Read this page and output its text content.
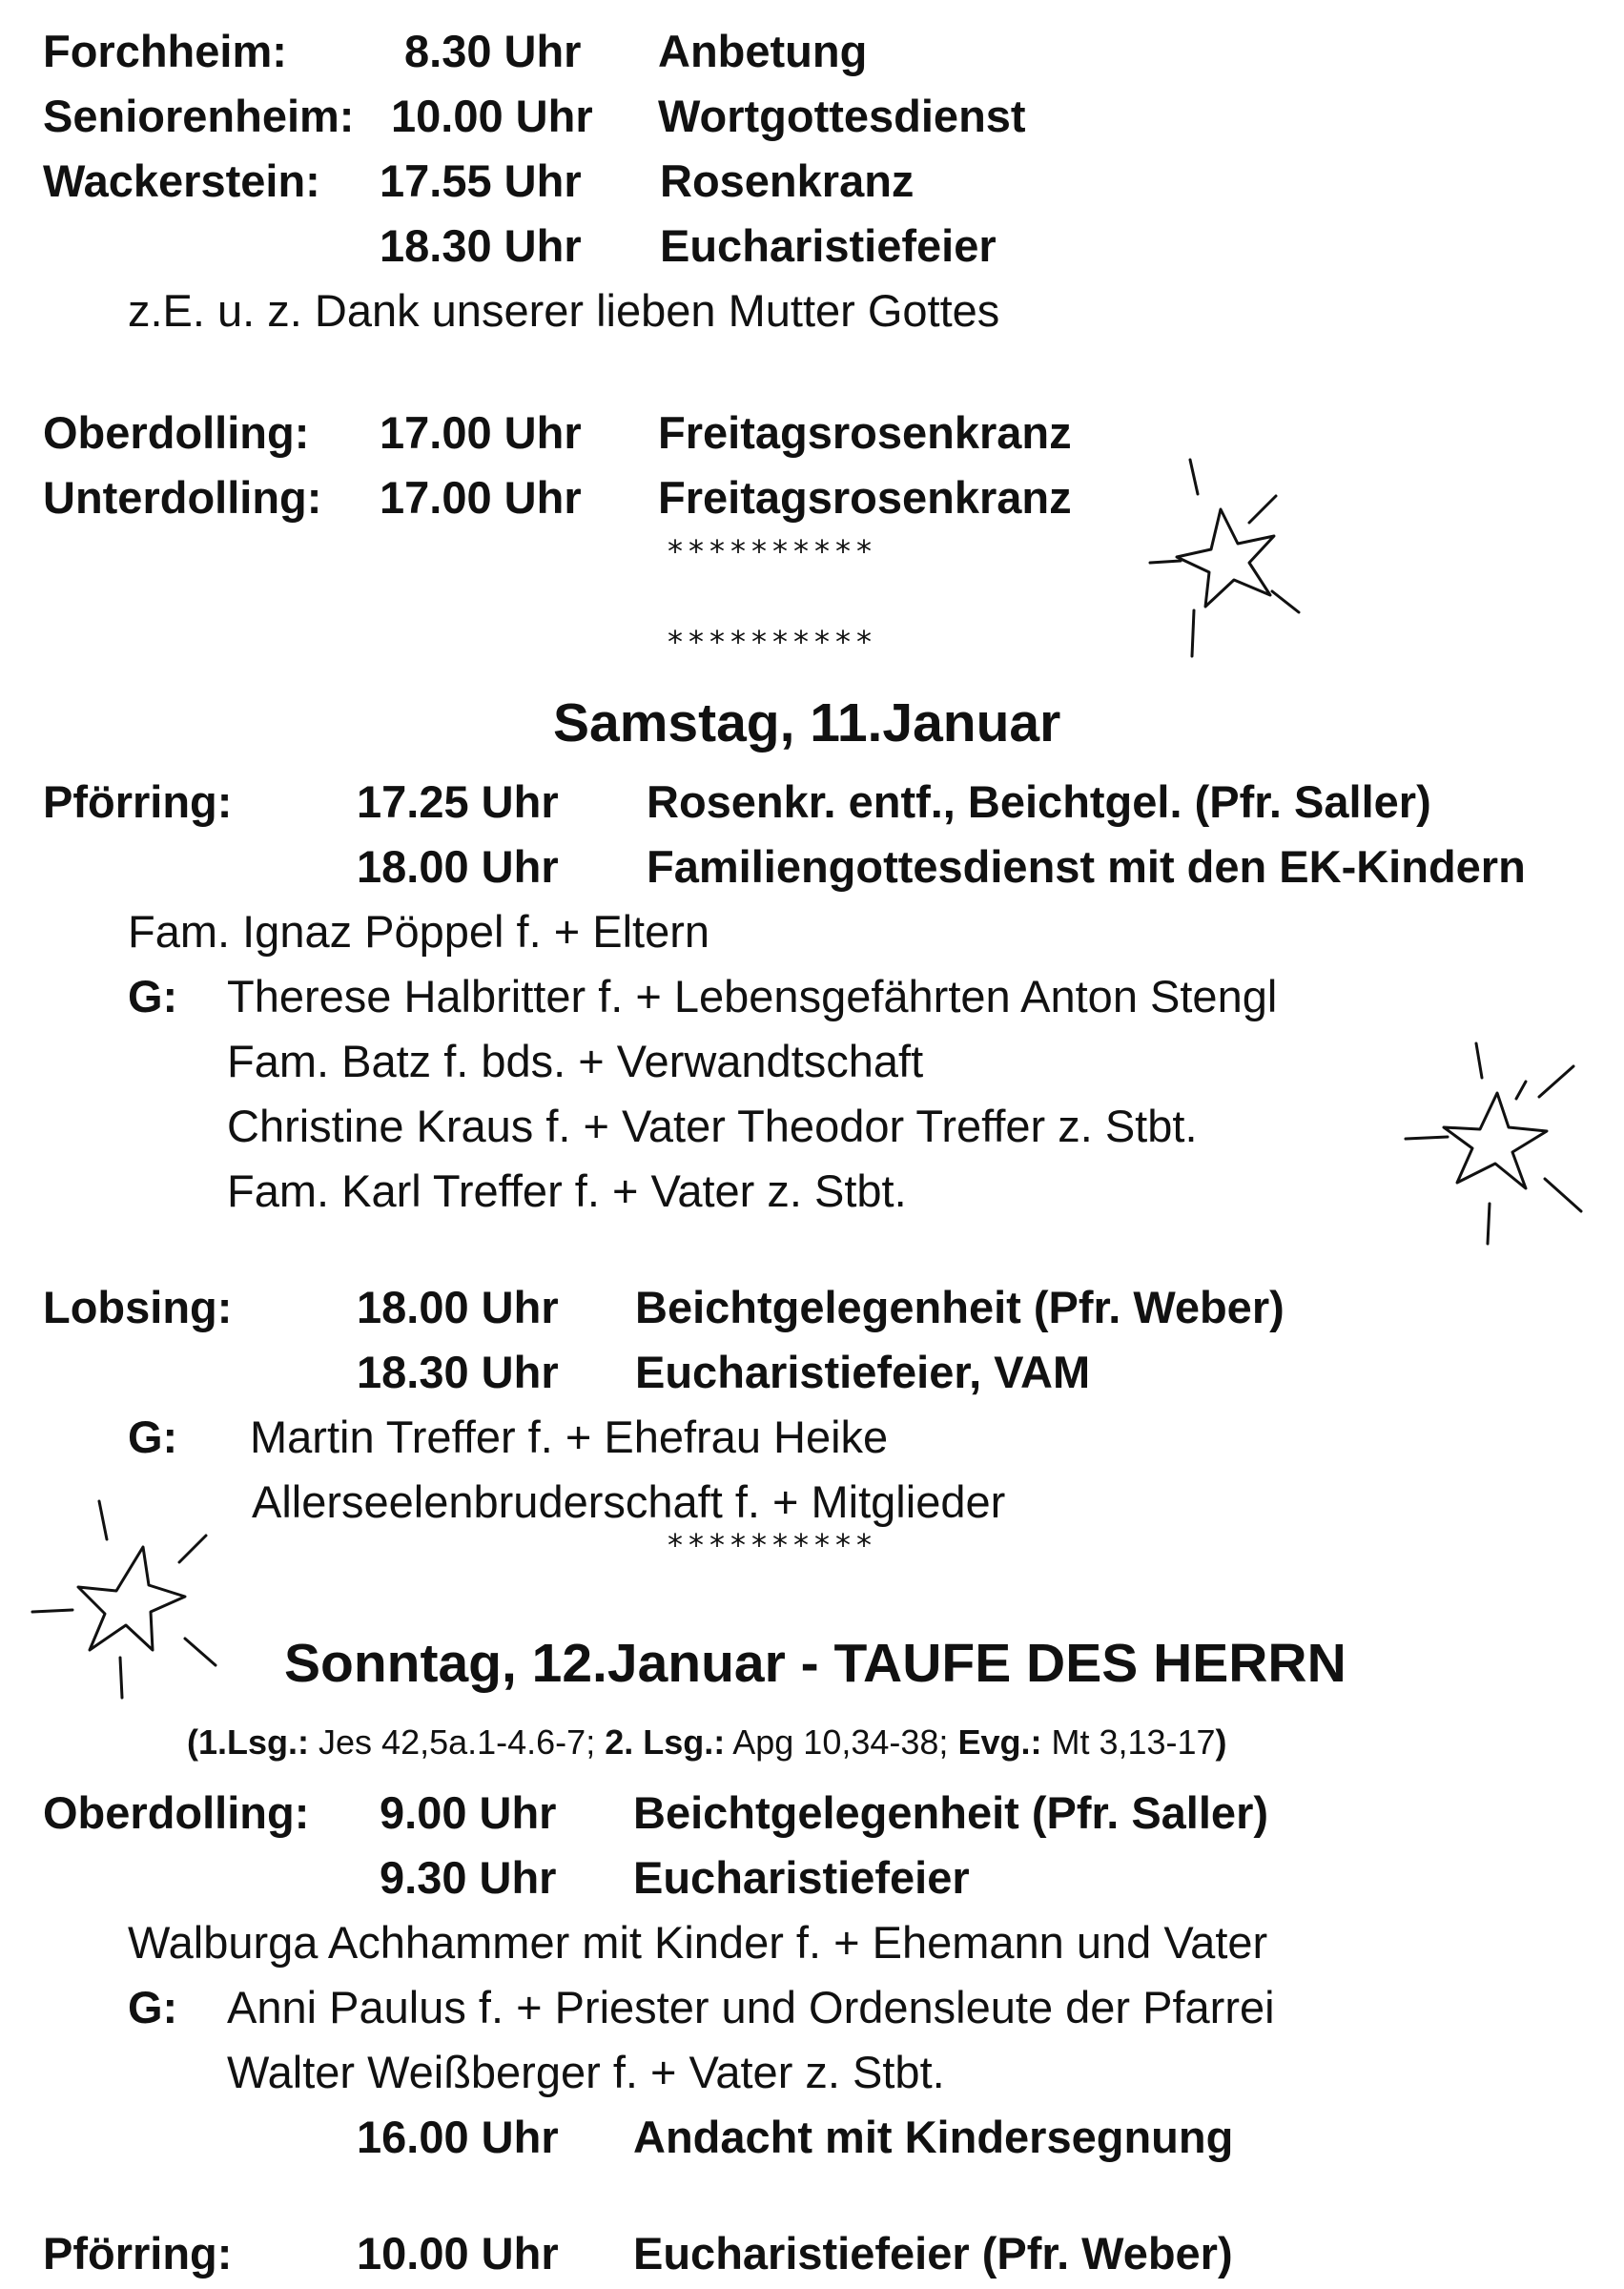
Forchheim:	8.30 Uhr Anbetung
Seniorenheim: 10.00 Uhr Wortgottesdienst
Wackerstein: 17.55 Uhr Rosenkranz
18.30 Uhr Eucharistiefeier
z.E. u. z. Dank unserer lieben Mutter Gottes
Oberdolling: 17.00 Uhr Freitagsrosenkranz
Unterdolling: 17.00 Uhr Freitagsrosenkranz
**********
**********
Samstag, 11.Januar
Pförring:	17.25 Uhr Rosenkr. entf., Beichtgel. (Pfr. Saller)
18.00 Uhr Familiengottesdienst mit den EK-Kindern
Fam. Ignaz Pöppel f. + Eltern
G: Therese Halbritter f. + Lebensgefährten Anton Stengl
Fam. Batz f. bds. + Verwandtschaft
Christine Kraus f. + Vater Theodor Treffer z. Stbt.
Fam. Karl Treffer f. + Vater z. Stbt.
Lobsing:	18.00 Uhr Beichtgelegenheit (Pfr. Weber)
18.30 Uhr Eucharistiefeier, VAM
G: Martin Treffer f. + Ehefrau Heike
Allerseelenbruderschaft f. + Mitglieder
**********
Sonntag, 12.Januar - TAUFE DES HERRN
(1.Lsg.: Jes 42,5a.1-4.6-7; 2. Lsg.: Apg 10,34-38; Evg.: Mt 3,13-17)
Oberdolling: 9.00 Uhr Beichtgelegenheit (Pfr. Saller)
9.30 Uhr Eucharistiefeier
Walburga Achhammer mit Kinder f. + Ehemann und Vater
G: Anni Paulus f. + Priester und Ordensleute der Pfarrei
Walter Weißberger f. + Vater z. Stbt.
16.00 Uhr Andacht mit Kindersegnung
Pförring:	10.00 Uhr Eucharistiefeier (Pfr. Weber)
